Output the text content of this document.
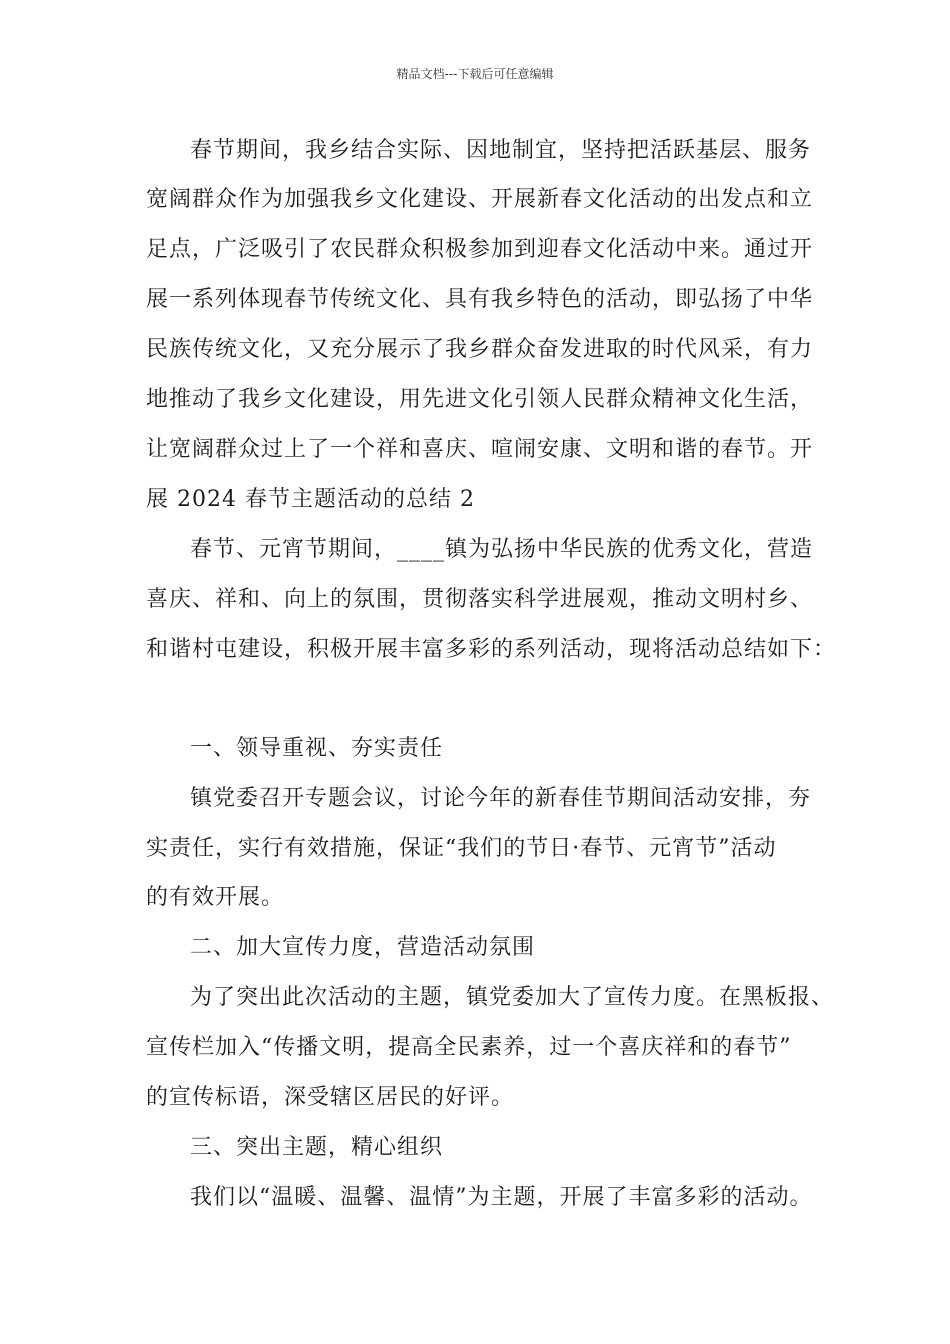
精品文档---下载后可任意编辑
春节期间，我乡结合实际、因地制宜，坚持把活跃基层、服务
宽阔群众作为加强我乡文化建设、开展新春文化活动的出发点和立
足点，广泛吸引了农民群众积极参加到迎春文化活动中来。通过开
展一系列体现春节传统文化、具有我乡特色的活动，即弘扬了中华
民族传统文化，又充分展示了我乡群众奋发进取的时代风采，有力
地推动了我乡文化建设，用先进文化引领人民群众精神文化生活，
让宽阔群众过上了一个祥和喜庆、喧闹安康、文明和谐的春节。开
展 2024 春节主题活动的总结 2
春节、元宵节期间，____镇为弘扬中华民族的优秀文化，营造
喜庆、祥和、向上的氛围，贯彻落实科学进展观，推动文明村乡、
和谐村屯建设，积极开展丰富多彩的系列活动，现将活动总结如下：
一、领导重视、夯实责任
镇党委召开专题会议，讨论今年的新春佳节期间活动安排，夯
实责任，实行有效措施，保证“我们的节日·春节、元宵节”活动
的有效开展。
二、加大宣传力度，营造活动氛围
为了突出此次活动的主题，镇党委加大了宣传力度。在黑板报、
宣传栏加入“传播文明，提高全民素养，过一个喜庆祥和的春节”
的宣传标语，深受辖区居民的好评。
三、突出主题，精心组织
我们以“温暖、温馨、温情”为主题，开展了丰富多彩的活动。
